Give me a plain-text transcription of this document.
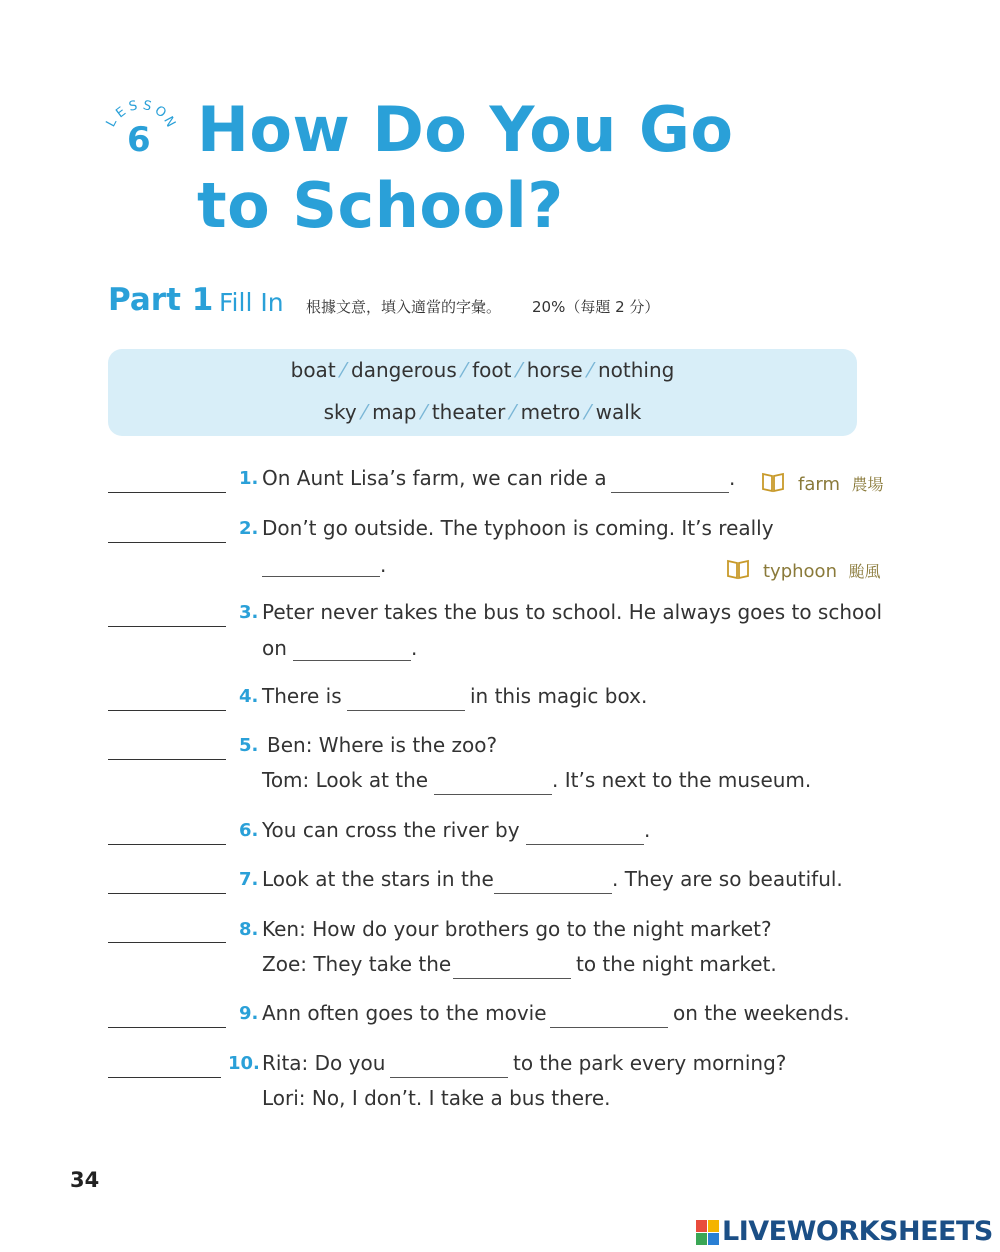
L
E
S S
O
N
6 How Do You Go
to School?
Part 1 Fill In 根據文意，填入適當的字彙。 20%（每題 2 分）
boat ⁄ dangerous ⁄ foot ⁄ horse ⁄ nothing
sky ⁄ map ⁄ theater ⁄ metro ⁄ walk
1. On Aunt Lisa’s farm, we can ride a	.	farm 農場
2. Don’t go outside. The typhoon is coming. It’s really
.	typhoon 颱風
3. Peter never takes the bus to school. He always goes to school
on	.
4. There is	in this magic box.
5. Ben: Where is the zoo?
Tom: Look at the	. It’s next to the museum.
6. You can cross the river by	.
7. Look at the stars in the	. They are so beautiful.
8. Ken: How do your brothers go to the night market?
Zoe: They take the	to the night market.
9. Ann often goes to the movie	on the weekends.
10. Rita: Do you	to the park every morning?
Lori: No, I don’t. I take a bus there.
34
LIVEWORKSHEETS
